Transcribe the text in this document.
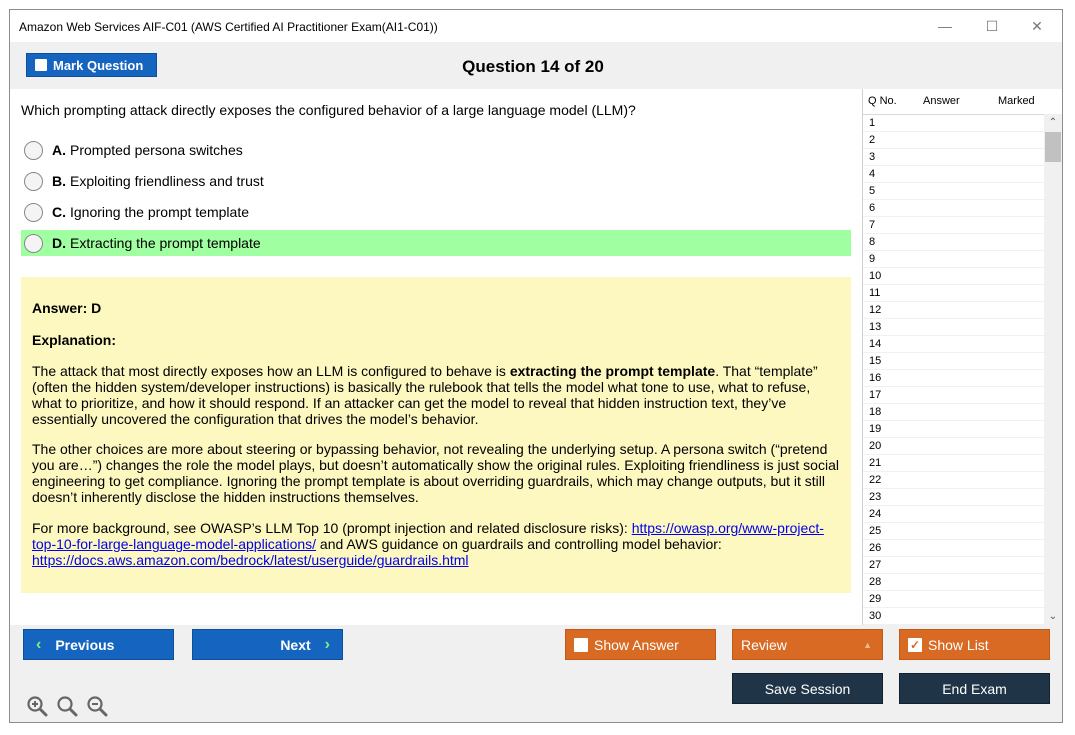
Amazon Web Services AIF-C01 (AWS Certified AI Practitioner Exam(AI1-C01))	—	☐	✕
Mark Question	Question 14 of 20
Which prompting attack directly exposes the configured behavior of a large language model (LLM)?
A. Prompted persona switches
B. Exploiting friendliness and trust
C. Ignoring the prompt template
D. Extracting the prompt template
Answer: D
Explanation:
The attack that most directly exposes how an LLM is configured to behave is extracting the prompt template. That “template” (often the hidden system/developer instructions) is basically the rulebook that tells the model what tone to use, what to refuse, what to prioritize, and how it should respond. If an attacker can get the model to reveal that hidden instruction text, they’ve essentially uncovered the configuration that drives the model’s behavior.
The other choices are more about steering or bypassing behavior, not revealing the underlying setup. A persona switch (“pretend you are…”) changes the role the model plays, but doesn’t automatically show the original rules. Exploiting friendliness is just social engineering to get compliance. Ignoring the prompt template is about overriding guardrails, which may change outputs, but it still doesn’t inherently disclose the hidden instructions themselves.
For more background, see OWASP’s LLM Top 10 (prompt injection and related disclosure risks): https://owasp.org/www-project-top-10-for-large-language-model-applications/ and AWS guidance on guardrails and controlling model behavior: https://docs.aws.amazon.com/bedrock/latest/userguide/guardrails.html
Q No. Answer	Marked
1
2
3
4
5
6
7
8
9
10
11
12
13
14
15
16
17
18
19
20
21
22
23
24
25
26
27
28
29
30
⌃
⌄
‹ Previous	Next ›	Show Answer	Review	▲	✓ Show List
Save Session	End Exam
